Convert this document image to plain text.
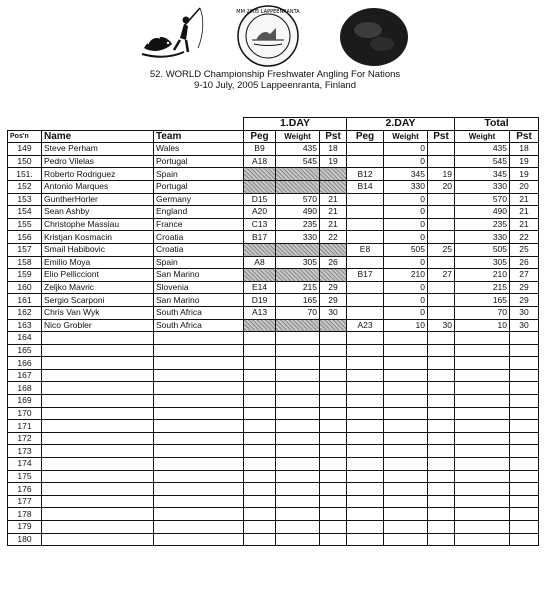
MM 2005 LAPPEENRANTA
52. WORLD Championship Freshwater Angling For Nations
9-10 July, 2005 Lappeenranta, Finland
			1.DAY			2.DAY			Total	
Pos'n	Name	Team	Peg	Weight	Pst	Peg	Weight	Pst	Weight	Pst
149	Steve Perham	Wales	B9	435	18		0		435	18
150	Pedro Vilelas	Portugal	A18	545	19		0		545	19
151.	Roberto Rodriguez	Spain				B12	345	19	345	19
152	Antonio Marques	Portugal				B14	330	20	330	20
153	GuntherHorler	Germany	D15	570	21		0		570	21
154	Sean Ashby	England	A20	490	21		0		490	21
155	Christophe Massiau	France	C13	235	21		0		235	21
156	Kristjan Kosmacin	Croatia	B17	330	22		0		330	22
157	Smail Habibovic	Croatia				E8	505	25	505	25
158	Emilio Moya	Spain	A8	305	26		0		305	26
159	Elio Pellicciont	San Marino				B17	210	27	210	27
160	Zeljko Mavric	Slovenia	E14	215	29		0		215	29
161	Sergio Scarponi	San Marino	D19	165	29		0		165	29
162	Chris Van Wyk	South Africa	A13	70	30		0		70	30
163	Nico Grobler	South Africa				A23	10	30	10	30
164										
165										
166										
167										
168										
169										
170										
171										
172										
173										
174										
175										
176										
177										
178										
179										
180										
